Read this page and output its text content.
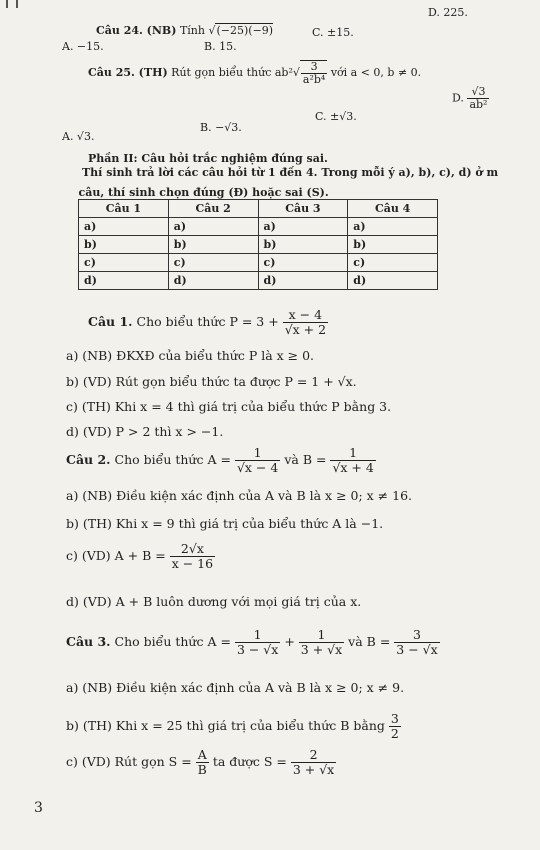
Câu 24. (NB) Tính √ (−25)(−9)
A. −15.	B. 15.
C. ±15.
D. 225.
Câu 25. (TH) Rút gọn biểu thức ab² √ $\frac{3}{\text{a²b⁴}}$ với a < 0, b ≠ 0.
A. √3.
B. −√3.
C. ±√3.
D. $\frac{√3}{\text{ab²}}$
Phần II: Câu hỏi trắc nghiệm đúng sai.
Thí sinh trả lời các câu hỏi từ 1 đến 4. Trong mỗi ý a), b), c), d) ở m
câu, thí sinh chọn đúng (Đ) hoặc sai (S).			
Câu 1	Câu 2	Câu 3	Câu 4
a)	a)	a)	a)
b)	b)	b)	b)
c)	c)	c)	c)
d)	d)	d)	d)
Câu 1. Cho biểu thức $P = 3 + \frac{x - 4}{√x + 2}$
a) (NB) ĐKXĐ của biểu thức P là x ≥ 0.
b) (VD) Rút gọn biểu thức ta được P = 1 + √x.
c) (TH) Khi x = 4 thì giá trị của biểu thức P bằng 3.
d) (VD) P > 2 thì x > −1.
Câu 2. Cho biểu thức $A = \frac{1}{√x - 4}$ và $B = \frac{1}{√x + 4}$
a) (NB) Điều kiện xác định của A và B là x ≥ 0; x ≠ 16.
b) (TH) Khi x = 9 thì giá trị của biểu thức A là −1.
c) (VD) $A + B = \frac{2√x}{x - 16}$
d) (VD) A + B luôn dương với mọi giá trị của x.
Câu 3. Cho biểu thức $A = \frac{1}{3 - √x} + \frac{1}{3 + √x}$ và $B = \frac{3}{3 - √x}$
a) (NB) Điều kiện xác định của A và B là x ≥ 0; x ≠ 9.
b) (TH) Khi x = 25 thì giá trị của biểu thức B bằng $\frac{3}{2}$
c) (VD) Rút gọn $S = \frac{A}{B}$ ta được $S = \frac{2}{3 + √x}$
3
